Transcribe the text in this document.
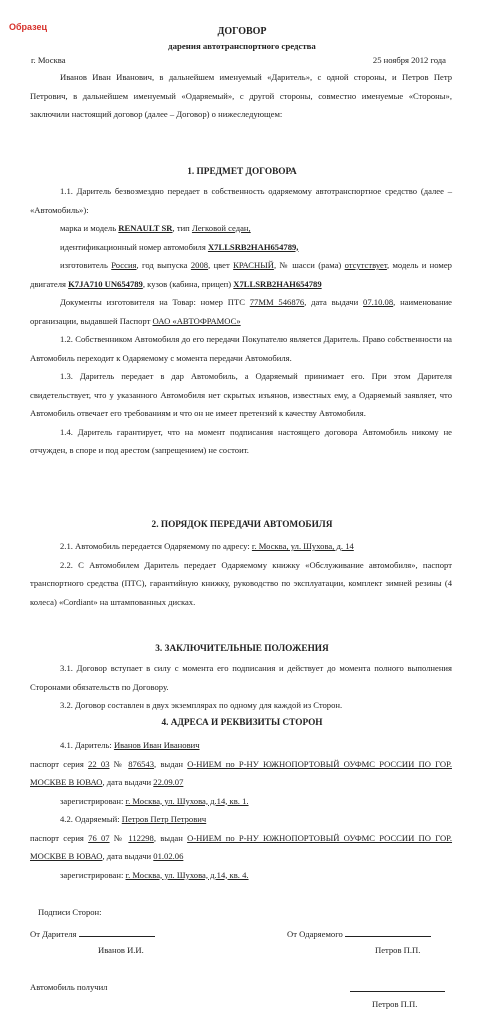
Образец	ДОГОВОР
дарения автотранспортного средства
г. Москва	25 ноября 2012 года
Иванов Иван Иванович, в дальнейшем именуемый «Даритель», с одной стороны, и Петров Петр Петрович, в дальнейшем именуемый «Одаряемый», с другой стороны, совместно именуемые «Стороны», заключили настоящий договор (далее – Договор) о нижеследующем:
1. ПРЕДМЕТ ДОГОВОРА
1.1. Даритель безвозмездно передает в собственность одаряемому автотранспортное средство (далее – «Автомобиль»):
марка и модель RENAULT SR, тип Легковой седан,
идентификационный номер автомобиля X7LLSRB2HAH654789,
изготовитель Россия, год выпуска 2008, цвет КРАСНЫЙ, № шасси (рама) отсутствует, модель и номер двигателя K7JA710 UN654789, кузов (кабина, прицеп) X7LLSRB2HAH654789
Документы изготовителя на Товар: номер ПТС 77ММ 546876, дата выдачи 07.10.08, наименование организации, выдавшей Паспорт ОАО «АВТОФРАМОС»
1.2. Собственником Автомобиля до его передачи Покупателю является Даритель. Право собственности на Автомобиль переходит к Одаряемому с момента передачи Автомобиля.
1.3. Даритель передает в дар Автомобиль, а Одаряемый принимает его. При этом Дарителя свидетельствует, что у указанного Автомобиля нет скрытых изъянов, известных ему, а Одаряемый заявляет, что Автомобиль отвечает его требованиям и что он не имеет претензий к качеству Автомобиля.
1.4. Даритель гарантирует, что на момент подписания настоящего договора Автомобиль никому не отчужден, в споре и под арестом (запрещением) не состоит.
2. ПОРЯДОК ПЕРЕДАЧИ АВТОМОБИЛЯ
2.1. Автомобиль передается Одаряемому по адресу: г. Москва, ул. Шухова, д. 14
2.2. С Автомобилем Даритель передает Одаряемому книжку «Обслуживание автомобиля», паспорт транспортного средства (ПТС), гарантийную книжку, руководство по эксплуатации, комплект зимней резины (4 колеса) «Cordiant» на штампованных дисках.
3. ЗАКЛЮЧИТЕЛЬНЫЕ ПОЛОЖЕНИЯ
3.1. Договор вступает в силу с момента его подписания и действует до момента полного выполнения Сторонами обязательств по Договору.
3.2. Договор составлен в двух экземплярах по одному для каждой из Сторон.
4. АДРЕСА И РЕКВИЗИТЫ СТОРОН
4.1. Даритель: Иванов Иван Иванович
паспорт серия 22 03 № 876543, выдан О-НИЕМ по Р-НУ ЮЖНОПОРТОВЫЙ ОУФМС РОССИИ ПО ГОР. МОСКВЕ В ЮВАО, дата выдачи 22.09.07
зарегистрирован: г. Москва, ул. Шухова, д.14, кв. 1.
4.2. Одаряемый: Петров Петр Петрович
паспорт серия 76 07 № 112298, выдан О-НИЕМ по Р-НУ ЮЖНОПОРТОВЫЙ ОУФМС РОССИИ ПО ГОР. МОСКВЕ В ЮВАО, дата выдачи 01.02.06
зарегистрирован: г. Москва, ул. Шухова, д.14, кв. 4.
Подписи Сторон:
От Дарителя	От Одаряемого
Иванов И.И.	Петров П.П.
Автомобиль получил
Петров П.П.
